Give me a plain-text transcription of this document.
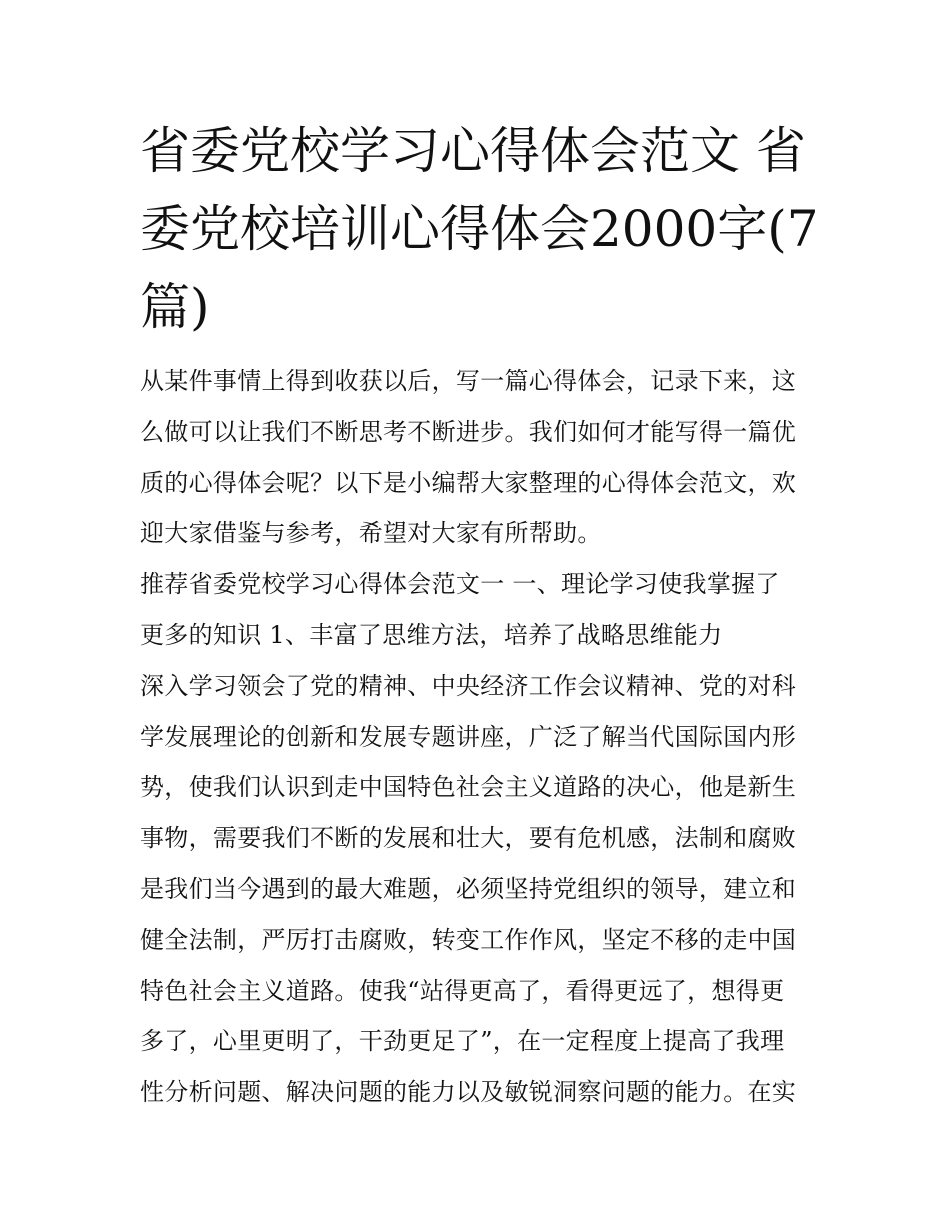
省委党校学习心得体会范文 省
委党校培训心得体会2000字(7
篇)
从某件事情上得到收获以后，写一篇心得体会，记录下来，这
么做可以让我们不断思考不断进步。我们如何才能写得一篇优
质的心得体会呢？以下是小编帮大家整理的心得体会范文，欢
迎大家借鉴与参考，希望对大家有所帮助。
推荐省委党校学习心得体会范文一 一、理论学习使我掌握了
更多的知识 1、丰富了思维方法，培养了战略思维能力
深入学习领会了党的精神、中央经济工作会议精神、党的对科
学发展理论的创新和发展专题讲座，广泛了解当代国际国内形
势，使我们认识到走中国特色社会主义道路的决心，他是新生
事物，需要我们不断的发展和壮大，要有危机感，法制和腐败
是我们当今遇到的最大难题，必须坚持党组织的领导，建立和
健全法制，严厉打击腐败，转变工作作风，坚定不移的走中国
特色社会主义道路。使我“站得更高了，看得更远了，想得更
多了，心里更明了，干劲更足了”，在一定程度上提高了我理
性分析问题、解决问题的能力以及敏锐洞察问题的能力。在实
